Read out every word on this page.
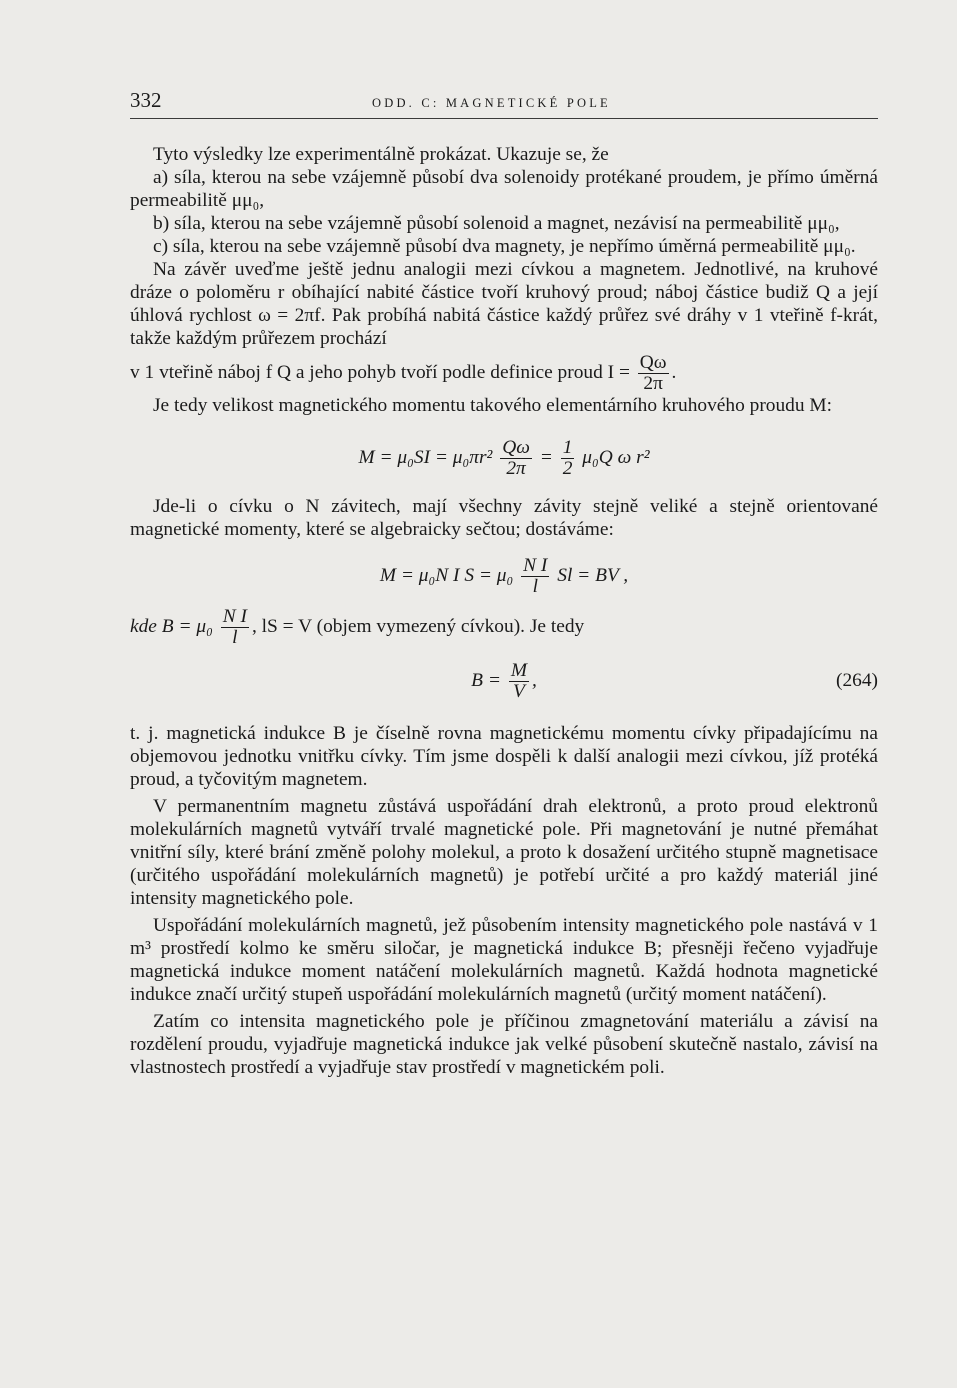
332	ODD. C: MAGNETICKÉ POLE

Tyto výsledky lze experimentálně prokázat. Ukazuje se, že

a) síla, kterou na sebe vzájemně působí dva solenoidy protékané proudem, je přímo úměrná permeabilitě μμ₀,

b) síla, kterou na sebe vzájemně působí solenoid a magnet, nezávisí na permeabilitě μμ₀,

c) síla, kterou na sebe vzájemně působí dva magnety, je nepřímo úměrná permeabilitě μμ₀.

Na závěr uveďme ještě jednu analogii mezi cívkou a magnetem. Jednotlivé, na kruhové dráze o poloměru r obíhající nabité částice tvoří kruhový proud; náboj částice budiž Q a její úhlová rychlost ω = 2πf. Pak probíhá nabitá částice každý průřez své dráhy v 1 vteřině f-krát, takže každým průřezem prochází

v 1 vteřině náboj f Q a jeho pohyb tvoří podle definice proud $I = \frac{Q\omega}{2\pi}$ .

Je tedy velikost magnetického momentu takového elementárního kruhového proudu M:

$M = \mu_0SI = \mu_0\pi r^2 \frac{Q\omega}{2\pi} = \frac{1}{2} \mu_0Q$ ω r²

Jde-li o cívku o N závitech, mají všechny závity stejně veliké a stejně orientované magnetické momenty, které se algebraicky sečtou; dostáváme:

M = μ₀N I $S = \mu_0 \frac{\text{N I}}{l}$ Sl = BV ,

kde $B = \mu_0 \frac{\text{N I}}{l}$ , lS = V (objem vymezený cívkou). Je tedy

$B = \frac{M}{V}$ ,	(264)

t. j. magnetická indukce B je číselně rovna magnetickému momentu cívky připadajícímu na objemovou jednotku vnitřku cívky. Tím jsme dospěli k další analogii mezi cívkou, jíž protéká proud, a tyčovitým magnetem.

V permanentním magnetu zůstává uspořádání drah elektronů, a proto proud elektronů molekulárních magnetů vytváří trvalé magnetické pole. Při magnetování je nutné přemáhat vnitřní síly, které brání změně polohy molekul, a proto k dosažení určitého stupně magnetisace (určitého uspořádání molekulárních magnetů) je potřebí určité a pro každý materiál jiné intensity magnetického pole.

Uspořádání molekulárních magnetů, jež působením intensity magnetického pole nastává v 1 m³ prostředí kolmo ke směru siločar, je magnetická indukce B; přesněji řečeno vyjadřuje magnetická indukce moment natáčení molekulárních magnetů. Každá hodnota magnetické indukce značí určitý stupeň uspořádání molekulárních magnetů (určitý moment natáčení).

Zatím co intensita magnetického pole je příčinou zmagnetování materiálu a závisí na rozdělení proudu, vyjadřuje magnetická indukce jak velké působení skutečně nastalo, závisí na vlastnostech prostředí a vyjadřuje stav prostředí v magnetickém poli.
